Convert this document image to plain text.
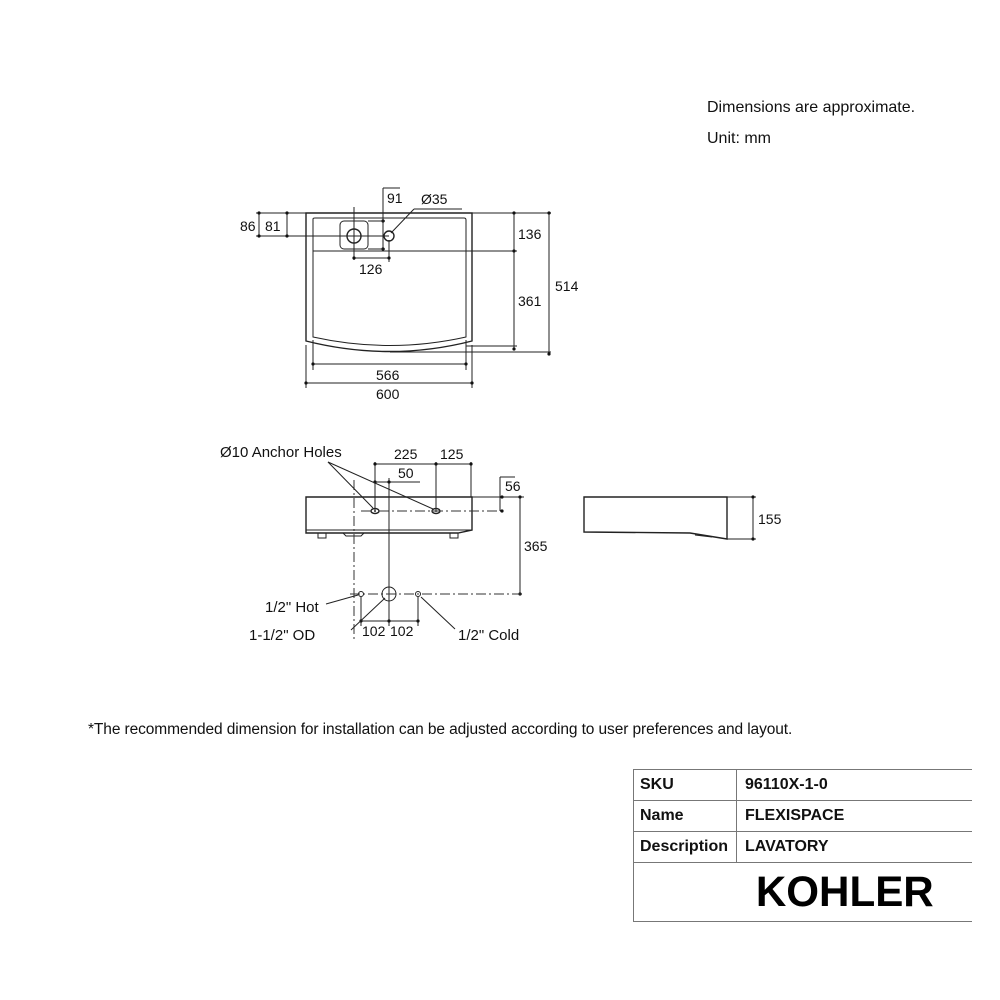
Dimensions are approximate.
Unit: mm
86 81
91 Ø35
126
136
361
514
566
600
225 125
50
Ø10 Anchor Holes
56
365
102 102
1/2" Hot
1-1/2" OD	1/2" Cold
155
*The recommended dimension for installation can be adjusted according to user preferences and layout.
SKU	96110X-1-0
Name	FLEXISPACE
Description	LAVATORY
KOHLER	
